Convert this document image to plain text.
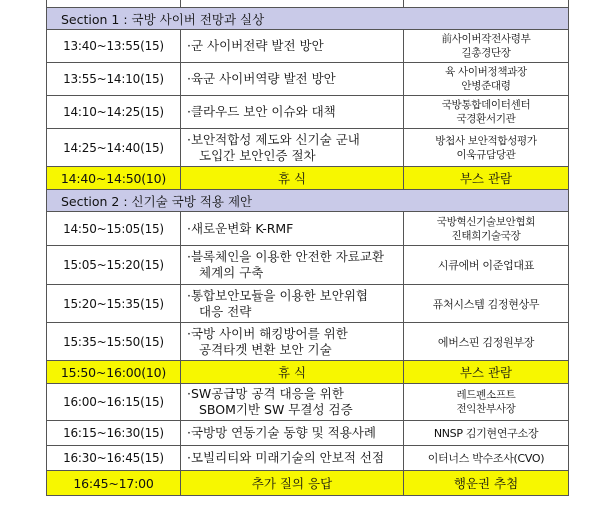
Section 1 : 국방 사이버 전망과 실상		
13:40~13:55(15)	·군 사이버전략 발전 방안	前사이버작전사령부
길총경단장

13:55~14:10(15)	·육군 사이버역량 발전 방안	육 사이버정책과장
안병준대령

14:10~14:25(15)	·클라우드 보안 이슈와 대책	국방통합데이터센터
국경환서기관

14:25~14:40(15)	·보안적합성 제도와 신기술 군내
도입간 보안인증 절차	방첩사 보안적합성평가
이욱규담당관

14:40~14:50(10)	휴 식	부스 관람
Section 2 : 신기술 국방 적용 제안		
14:50~15:05(15)	·새로운변화 K-RMF	국방혁신기술보안협회
진태희기술국장

15:05~15:20(15)	·블록체인을 이용한 안전한 자료교환
체계의 구축	시큐에버 이준업대표
15:20~15:35(15)	·통합보안모듈을 이용한 보안위협
대응 전략	퓨처시스템 김정현상무
15:35~15:50(15)	·국방 사이버 해킹방어를 위한
공격타겟 변환 보안 기술	에버스핀 김정원부장
15:50~16:00(10)	휴 식	부스 관람
16:00~16:15(15)	·SW공급망 공격 대응을 위한
SBOM기반 SW 무결성 검증	레드펜소프트
전익찬부사장

16:15~16:30(15)	·국방망 연동기술 동향 및 적용사례	NNSP 김기현연구소장
16:30~16:45(15)	·모빌리티와 미래기술의 안보적 선점	이터너스 박수조사(CVO)
16:45~17:00	추가 질의 응답	행운권 추첨
